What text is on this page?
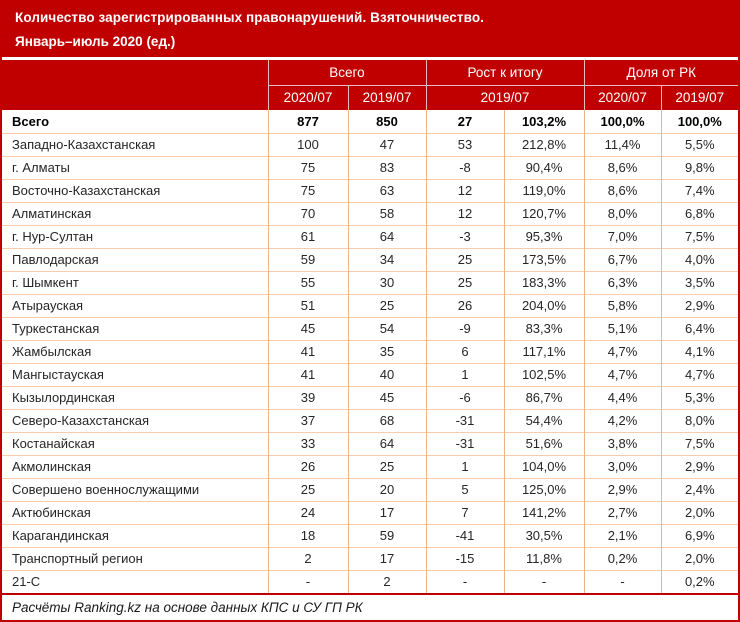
Количество зарегистрированных правонарушений. Взяточничество.
Январь–июль 2020 (ед.)
	Всего		Рост к итогу		Доля от РК	
	2020/07	2019/07	2019/07		2020/07	2019/07
Всего	877	850	27	103,2%	100,0%	100,0%
Западно-Казахстанская	100	47	53	212,8%	11,4%	5,5%
г. Алматы	75	83	-8	90,4%	8,6%	9,8%
Восточно-Казахстанская	75	63	12	119,0%	8,6%	7,4%
Алматинская	70	58	12	120,7%	8,0%	6,8%
г. Нур-Султан	61	64	-3	95,3%	7,0%	7,5%
Павлодарская	59	34	25	173,5%	6,7%	4,0%
г. Шымкент	55	30	25	183,3%	6,3%	3,5%
Атырауская	51	25	26	204,0%	5,8%	2,9%
Туркестанская	45	54	-9	83,3%	5,1%	6,4%
Жамбылская	41	35	6	117,1%	4,7%	4,1%
Мангыстауская	41	40	1	102,5%	4,7%	4,7%
Кызылординская	39	45	-6	86,7%	4,4%	5,3%
Северо-Казахстанская	37	68	-31	54,4%	4,2%	8,0%
Костанайская	33	64	-31	51,6%	3,8%	7,5%
Акмолинская	26	25	1	104,0%	3,0%	2,9%
Совершено военнослужащими	25	20	5	125,0%	2,9%	2,4%
Актюбинская	24	17	7	141,2%	2,7%	2,0%
Карагандинская	18	59	-41	30,5%	2,1%	6,9%
Транспортный регион	2	17	-15	11,8%	0,2%	2,0%
21-С	-	2	-	-	-	0,2%
Расчёты Ranking.kz на основе данных КПС и СУ ГП РК
